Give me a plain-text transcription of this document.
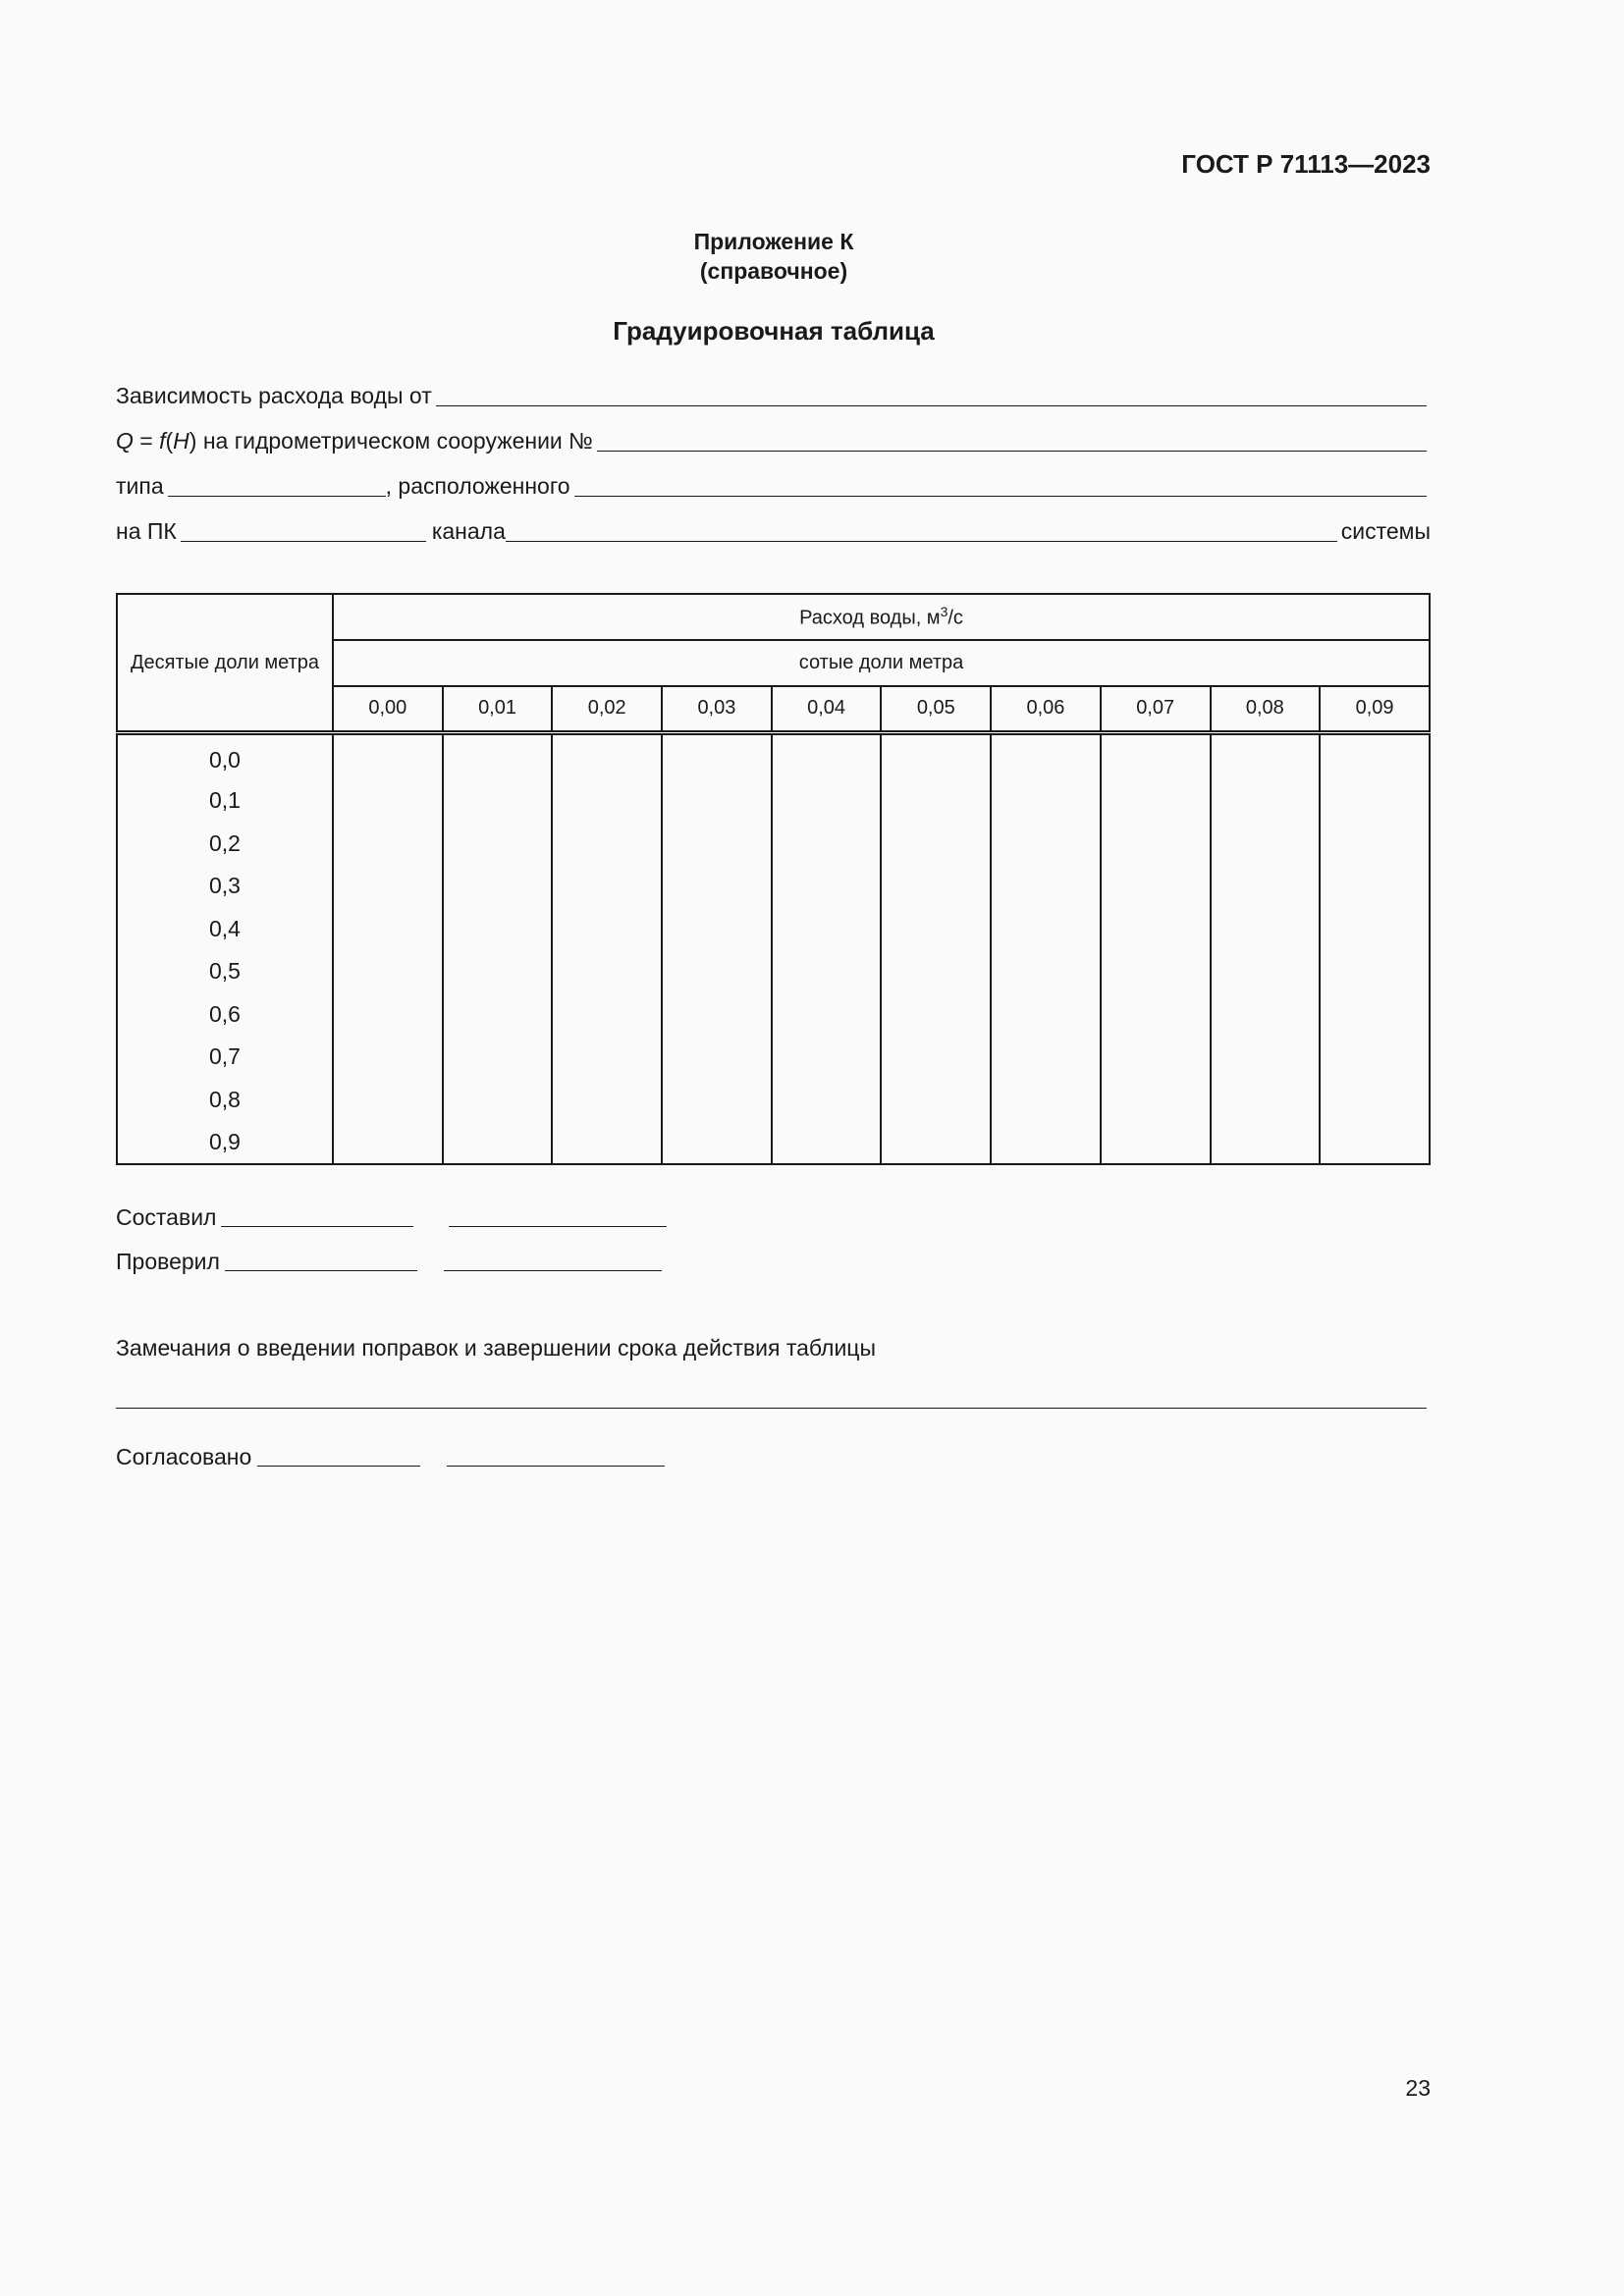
ГОСТ Р 71113—2023
Приложение К
(справочное)
Градуировочная таблица
Зависимость расхода воды от
Q = f(H) на гидрометрическом сооружении №
типа	, расположенного
на ПК	канала	системы
Десятые доли метра	Расход воды, $м^3/с$									
	сотые доли метра									
	0,00	0,01	0,02	0,03	0,04	0,05	0,06	0,07	0,08	0,09
0,0										
0,1										
0,2										
0,3										
0,4										
0,5										
0,6										
0,7										
0,8										
0,9										
Составил
Проверил
Замечания о введении поправок и завершении срока действия таблицы
Согласовано
23
